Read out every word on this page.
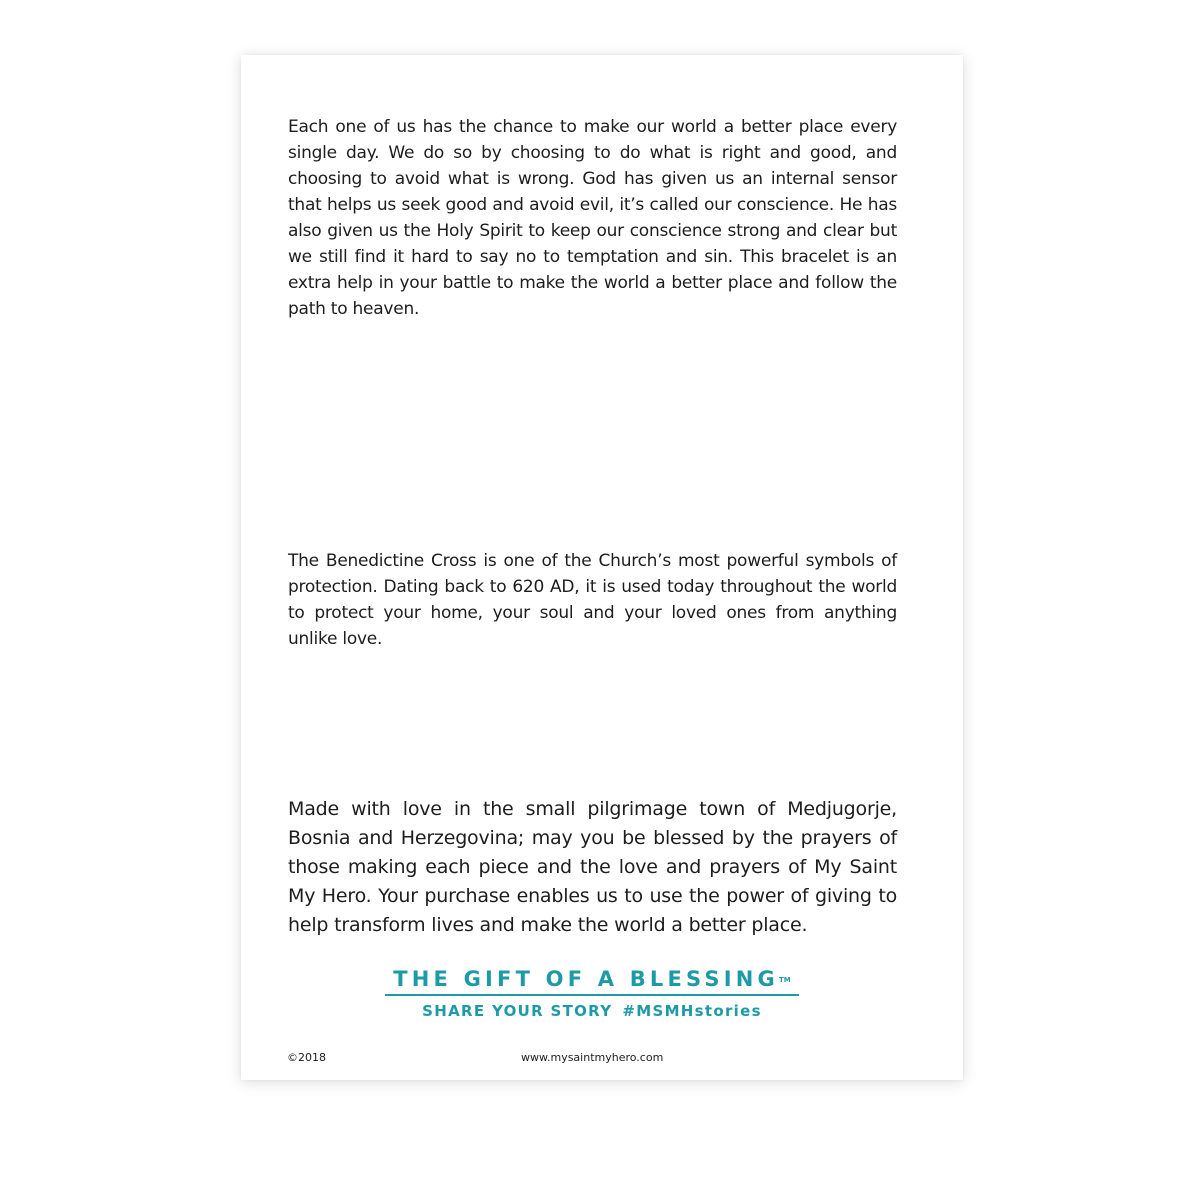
Each one of us has the chance to make our world a better place every single day. We do so by choosing to do what is right and good, and choosing to avoid what is wrong. God has given us an internal sensor that helps us seek good and avoid evil, it’s called our conscience. He has also given us the Holy Spirit to keep our conscience strong and clear but we still find it hard to say no to temptation and sin. This bracelet is an extra help in your battle to make the world a better place and follow the path to heaven.

The Benedictine Cross is one of the Church’s most powerful symbols of protection. Dating back to 620 AD, it is used today throughout the world to protect your home, your soul and your loved ones from anything unlike love.

Made with love in the small pilgrimage town of Medjugorje, Bosnia and Herzegovina; may you be blessed by the prayers of those making each piece and the love and prayers of My Saint My Hero. Your purchase enables us to use the power of giving to help transform lives and make the world a better place.

THE GIFT OF A BLESSING™
SHARE YOUR STORY #MSMHstories
©2018	www.mysaintmyhero.com
